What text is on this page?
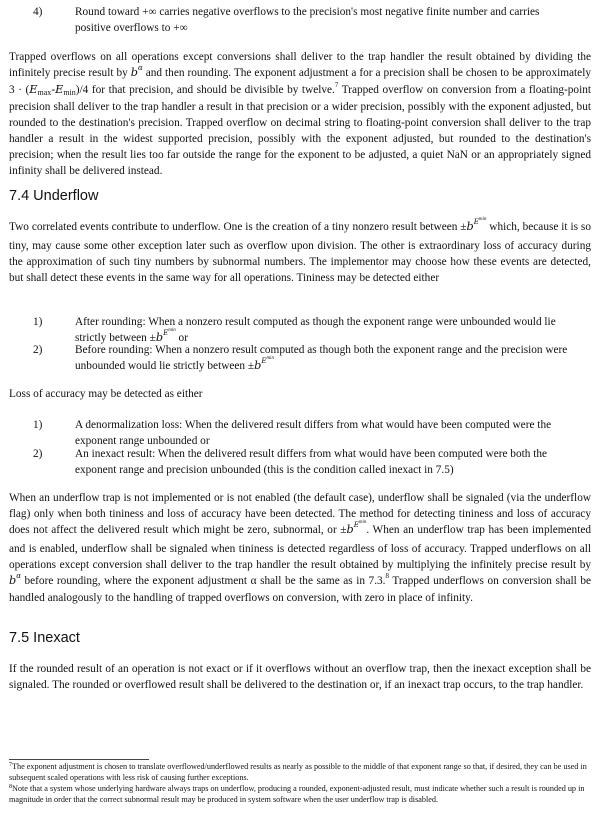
4)	Round toward +∞ carries negative overflows to the precision's most negative finite number and carries
positive overflows to +∞

Trapped overflows on all operations except conversions shall deliver to the trap handler the result obtained by dividing the infinitely precise result by $b^\alpha$ and then rounding. The exponent adjustment a for a precision shall be chosen to be approximately 3 · (Emax-Emin)/4 for that precision, and should be divisible by twelve.$^7$ Trapped overflow on conversion from a floating-point precision shall deliver to the trap handler a result in that precision or a wider precision, possibly with the exponent adjusted, but rounded to the destination's precision. Trapped overflow on decimal string to floating-point conversion shall deliver to the trap handler a result in the widest supported precision, possibly with the exponent adjusted, but rounded to the destination's precision; when the result lies too far outside the range for the exponent to be adjusted, a quiet NaN or an appropriately signed infinity shall be delivered instead.

7.4 Underflow

Two correlated events contribute to underflow. One is the creation of a tiny nonzero result between $\pm b^{E^{min}}$ which, because it is so tiny, may cause some other exception later such as overflow upon division. The other is extraordinary loss of accuracy during the approximation of such tiny numbers by subnormal numbers. The implementor may choose how these events are detected, but shall detect these events in the same way for all operations. Tininess may be detected either

1)	After rounding: When a nonzero result computed as though the exponent range were unbounded would lie
strictly between $\pm b^{E^{min}}$ or
2)	Before rounding: When a nonzero result computed as though both the exponent range and the precision were
unbounded would lie strictly between $\pm b^{E^{min}}$

Loss of accuracy may be detected as either

1)	A denormalization loss: When the delivered result differs from what would have been computed were the
exponent range unbounded or
2)	An inexact result: When the delivered result differs from what would have been computed were both the
exponent range and precision unbounded (this is the condition called inexact in 7.5)

When an underflow trap is not implemented or is not enabled (the default case), underflow shall be signaled (via the underflow flag) only when both tininess and loss of accuracy have been detected. The method for detecting tininess and loss of accuracy does not affect the delivered result which might be zero, subnormal, or $\pm b^{E^{min}}$. When an underflow trap has been implemented and is enabled, underflow shall be signaled when tininess is detected regardless of loss of accuracy. Trapped underflows on all operations except conversion shall deliver to the trap handler the result obtained by multiplying the infinitely precise result by $b^\alpha$ before rounding, where the exponent adjustment α shall be the same as in 7.3.$^8$ Trapped underflows on conversion shall be handled analogously to the handling of trapped overflows on conversion, with zero in place of infinity.

7.5 Inexact

If the rounded result of an operation is not exact or if it overflows without an overflow trap, then the inexact exception shall be signaled. The rounded or overflowed result shall be delivered to the destination or, if an inexact trap occurs, to the trap handler.

$^7$The exponent adjustment is chosen to translate overflowed/underflowed results as nearly as possible to the middle of that exponent range so that, if desired, they can be used in subsequent scaled operations with less risk of causing further exceptions.
$^8$Note that a system whose underlying hardware always traps on underflow, producing a rounded, exponent-adjusted result, must indicate whether such a result is rounded up in magnitude in order that the correct subnormal result may be produced in system software when the user underflow trap is disabled.
